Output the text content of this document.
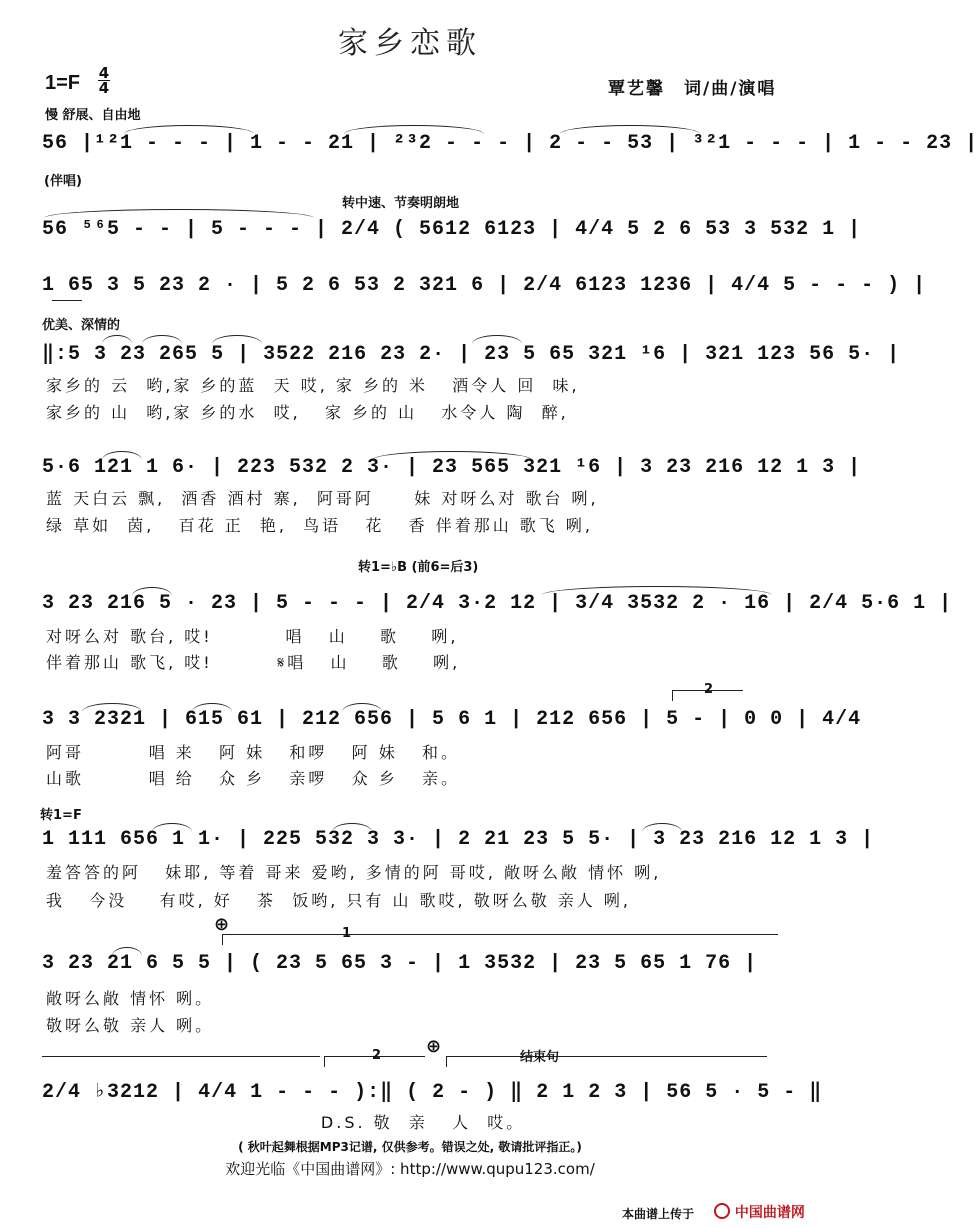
家乡恋歌
1=F 4
4	覃艺馨　词/曲/演唱
慢 舒展、自由地
56 |¹²1 - - - | 1 - - 21 | ²³2 - - - | 2 - - 53 | ³²1 - - - | 1 - - 23 |
(伴唱)
56 ⁵⁶5 - - | 5 - - - | 2/4 ( 5612 6123 | 4/4 5 2 6 53 3 532 1 |
转中速、节奏明朗地
1 65 3 5 23 2 · | 5 2 6 53 2 321 6 | 2/4 6123 1236 | 4/4 5 - - - ) |
优美、深情的
‖:5 3 23 265 5 | 3522 216 23 2· | 23 5 65 321 ¹6 | 321 123 56 5· |
家乡的 云  哟,家 乡的蓝  天 哎, 家 乡的 米   酒令人 回  味,
家乡的 山  哟,家 乡的水  哎,   家 乡的 山   水令人 陶  醉,
5·6 121 1 6· | 223 532 2 3· | 23 565 321 ¹6 | 3 23 216 12 1 3 |
蓝 天白云 飘,  酒香 酒村 寨,  阿哥阿     妹 对呀么对 歌台 咧,
绿 草如  茵,   百花 正  艳,  鸟语   花   香 伴着那山 歌飞 咧,
转1=♭B (前6=后3)
3 23 216 5 · 23 | 5 - - - | 2/4 3·2 12 | 3/4 3532 2 · 16 | 2/4 5·6 1 |
对呀么对 歌台, 哎!         唱   山    歌    咧,
伴着那山 歌飞, 哎!        𝄋唱   山    歌    咧,
2
3 3 2321 | 615 61 | 212 656 | 5 6 1 | 212 656 | 5 - | 0 0 | 4/4
阿哥        唱 来   阿 妹   和啰   阿 妹   和。
山歌        唱 给   众 乡   亲啰   众 乡   亲。
转1=F
1 111 656 1 1· | 225 532 3 3· | 2 21 23 5 5· | 3 23 216 12 1 3 |
羞答答的阿   妹耶, 等着 哥来 爱哟, 多情的阿 哥哎, 敞呀么敞 情怀 咧,
我   今没    有哎, 好   茶  饭哟, 只有 山 歌哎, 敬呀么敬 亲人 咧,
⊕	1
3 23 21 6 5 5 | ( 23 5 65 3 - | 1 3532 | 23 5 65 1 76 |
敞呀么敞 情怀 咧。
敬呀么敬 亲人 咧。
2 ⊕
结束句
2/4 ♭3212 | 4/4 1 - - - ):‖ ( 2 - ) ‖ 2 1 2 3 | 56 5 · 5 - ‖
D.S. 敬  亲   人  哎。
( 秋叶起舞根据MP3记谱, 仅供参考。错误之处, 敬请批评指正。)
欢迎光临《中国曲谱网》: http://www.qupu123.com/
本曲谱上传于	中国曲谱网
